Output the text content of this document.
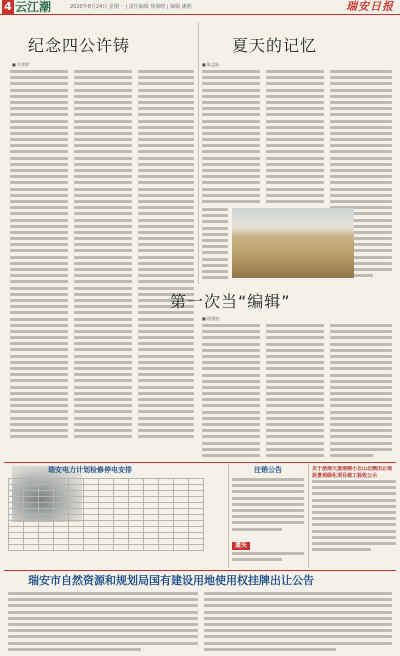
4 云江潮	2020年8月24日 星期一 | 责任编辑 徐菊晴 | 编辑 潘熙	瑞安日报
纪念四公许铸
■ 许邦荣
夏天的记忆
■ 陈孟秋
第一次当“编辑”
■ 徐建祖
瑞安电力计划检修停电安排

													注销公告
遗失
关于浙南大道南侧小丘山北侧出让地块景观绿化项目竣工验收公示
瑞安市自然资源和规划局国有建设用地使用权挂牌出让公告
